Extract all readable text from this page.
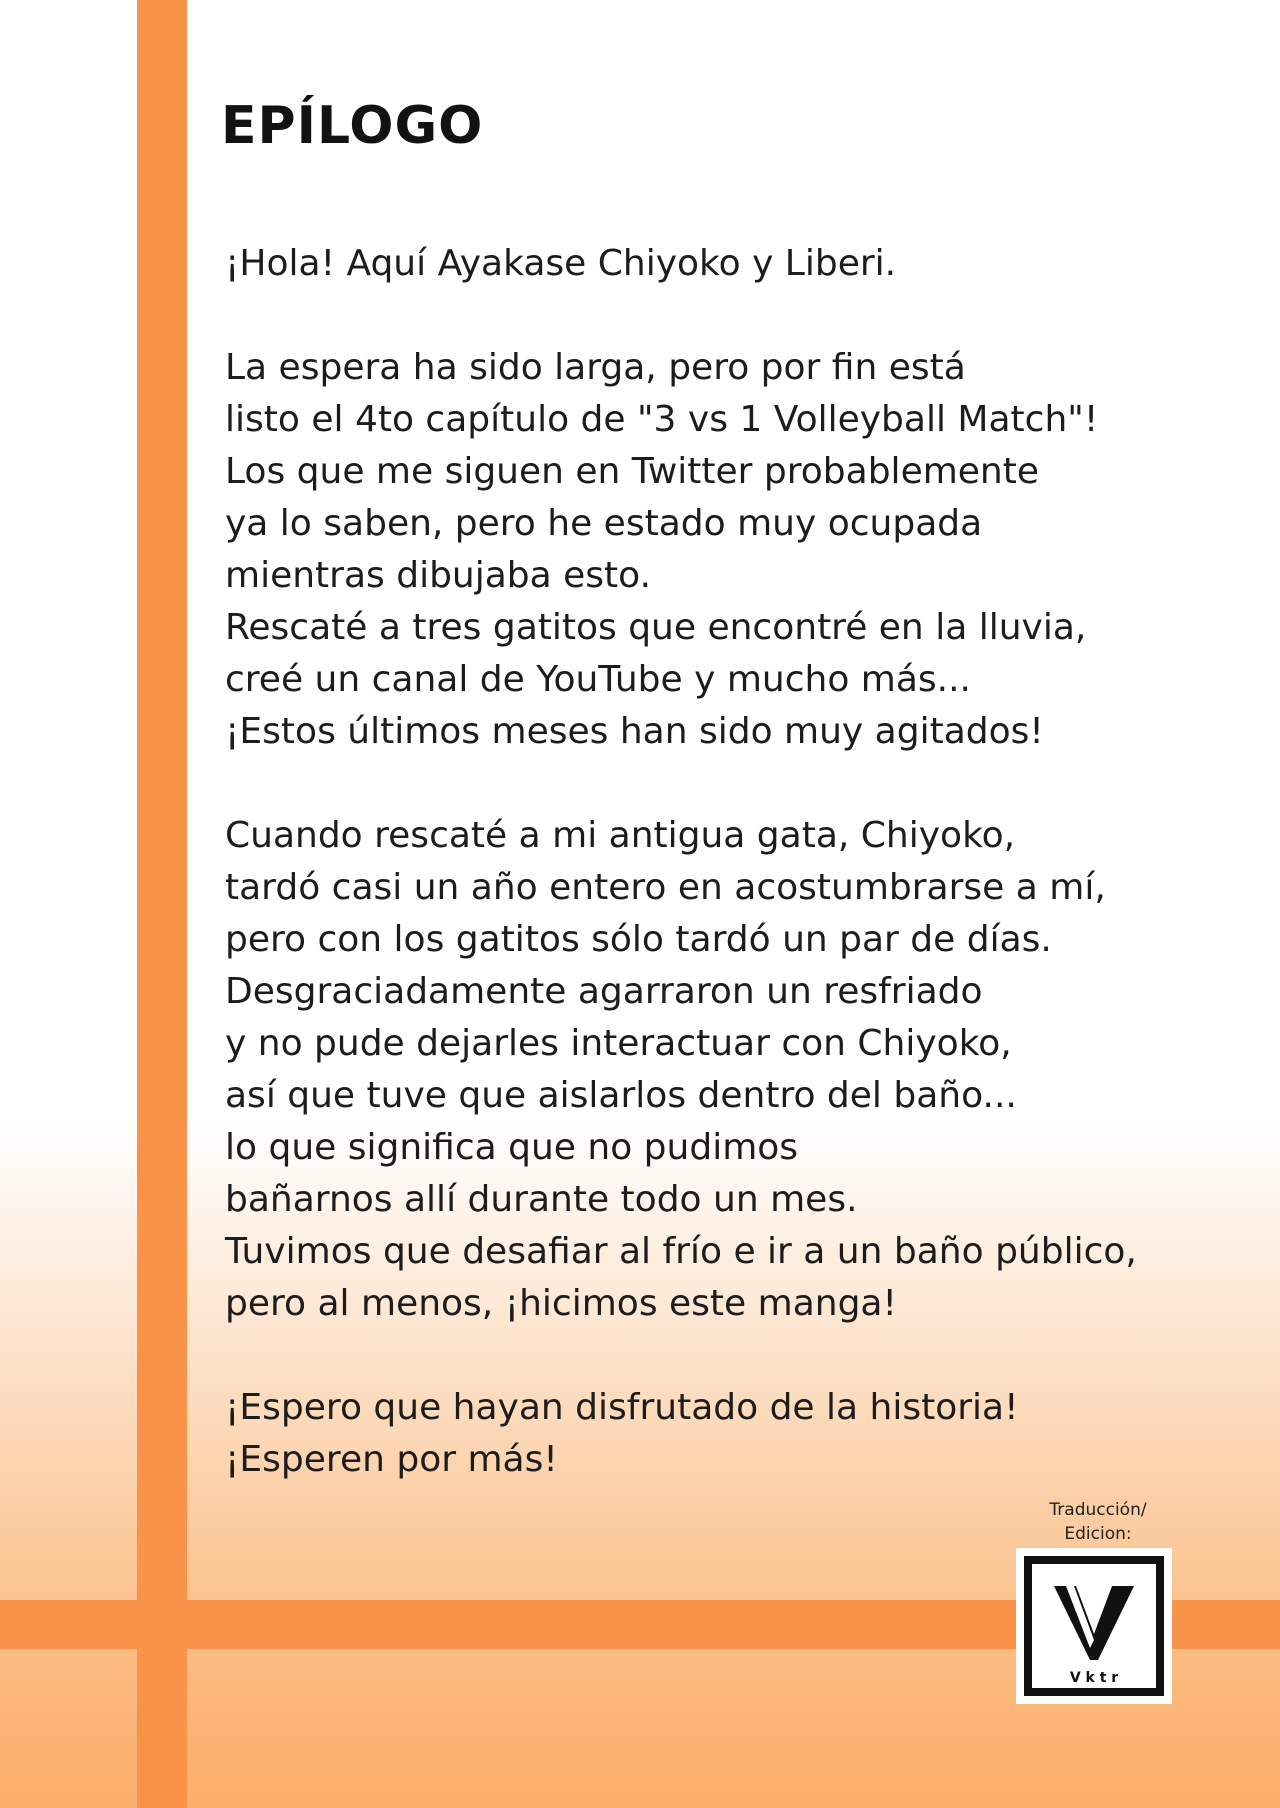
EPÍLOGO

¡Hola! Aquí Ayakase Chiyoko y Liberi.

La espera ha sido larga, pero por fin está
listo el 4to capítulo de "3 vs 1 Volleyball Match"!
Los que me siguen en Twitter probablemente
ya lo saben, pero he estado muy ocupada
mientras dibujaba esto.
Rescaté a tres gatitos que encontré en la lluvia,
creé un canal de YouTube y mucho más...
¡Estos últimos meses han sido muy agitados!

Cuando rescaté a mi antigua gata, Chiyoko,
tardó casi un año entero en acostumbrarse a mí,
pero con los gatitos sólo tardó un par de días.
Desgraciadamente agarraron un resfriado
y no pude dejarles interactuar con Chiyoko,
así que tuve que aislarlos dentro del baño...
lo que significa que no pudimos
bañarnos allí durante todo un mes.
Tuvimos que desafiar al frío e ir a un baño público,
pero al menos, ¡hicimos este manga!

¡Espero que hayan disfrutado de la historia!
¡Esperen por más!

Traducción/
Edicion:
V k t r
